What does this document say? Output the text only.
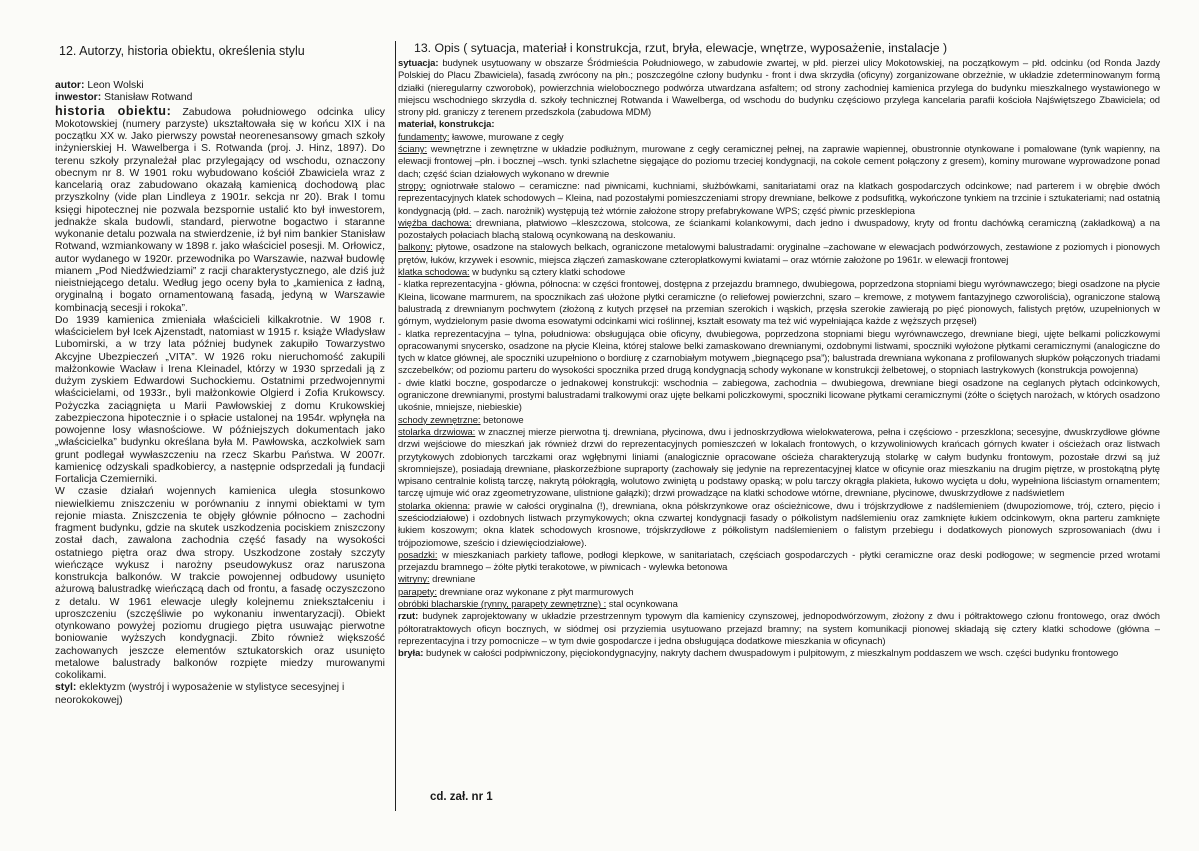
12. Autorzy, historia obiektu, określenia stylu

autor: Leon Wolski

inwestor: Stanisław Rotwand

historia obiektu: Zabudowa południowego odcinka ulicy Mokotowskiej (numery parzyste) ukształtowała się w końcu XIX i na początku XX w. Jako pierwszy powstał neorenesansowy gmach szkoły inżynierskiej H. Wawelberga i S. Rotwanda (proj. J. Hinz, 1897). Do terenu szkoły przynależał plac przylegający od wschodu, oznaczony obecnym nr 8. W 1901 roku wybudowano kościół Zbawiciela wraz z kancelarią oraz zabudowano okazałą kamienicą dochodową plac przyszkolny (vide plan Lindleya z 1901r. sekcja nr 20). Brak I tomu księgi hipotecznej nie pozwala bezspornie ustalić kto był inwestorem, jednakże skala budowli, standard, pierwotne bogactwo i staranne wykonanie detalu pozwala na stwierdzenie, iż był nim bankier Stanisław Rotwand, wzmiankowany w 1898 r. jako właściciel posesji. M. Orłowicz, autor wydanego w 1920r. przewodnika po Warszawie, nazwał budowlę mianem „Pod Niedźwiedziami” z racji charakterystycznego, ale dziś już nieistniejącego detalu. Według jego oceny była to „kamienica z ładną, oryginalną i bogato ornamentowaną fasadą, jedyną w Warszawie kombinacją secesji i rokoka”.

Do 1939 kamienica zmieniała właścicieli kilkakrotnie. W 1908 r. właścicielem był Icek Ajzenstadt, natomiast w 1915 r. książe Władysław Lubomirski, a w trzy lata później budynek zakupiło Towarzystwo Akcyjne Ubezpieczeń „VITA”. W 1926 roku nieruchomość zakupili małżonkowie Wacław i Irena Kleinadel, którzy w 1930 sprzedali ją z dużym zyskiem Edwardowi Suchockiemu. Ostatnimi przedwojennymi właścicielami, od 1933r., byli małżonkowie Olgierd i Zofia Krukowscy. Pożyczka zaciągnięta u Marii Pawłowskiej z domu Krukowskiej zabezpieczona hipotecznie i o spłacie ustalonej na 1954r. wpłynęła na powojenne losy własnościowe. W późniejszych dokumentach jako „właścicielka” budynku określana była M. Pawłowska, aczkolwiek sam grunt podlegał wywłaszczeniu na rzecz Skarbu Państwa. W 2007r. kamienicę odzyskali spadkobiercy, a następnie odsprzedali ją fundacji Fortalicja Czemierniki.

W czasie działań wojennych kamienica uległa stosunkowo niewielkiemu zniszczeniu w porównaniu z innymi obiektami w tym rejonie miasta. Zniszczenia te objęły głównie północno – zachodni fragment budynku, gdzie na skutek uszkodzenia pociskiem zniszczony został dach, zawalona zachodnia część fasady na wysokości ostatniego piętra oraz dwa stropy. Uszkodzone zostały szczyty wieńczące wykusz i narożny pseudowykusz oraz naruszona konstrukcja balkonów. W trakcie powojennej odbudowy usunięto ażurową balustradkę wieńczącą dach od frontu, a fasadę oczyszczono z detalu. W 1961 elewacje uległy kolejnemu zniekształceniu i uproszczeniu (szczęśliwie po wykonaniu inwentaryzacji). Obiekt otynkowano powyżej poziomu drugiego piętra usuwając pierwotne boniowanie wyższych kondygnacji. Zbito również większość zachowanych jeszcze elementów sztukatorskich oraz usunięto metalowe balustrady balkonów rozpięte miedzy murowanymi cokolikami.

styl: eklektyzm (wystrój i wyposażenie w stylistyce secesyjnej i neorokokowej)

13. Opis ( sytuacja, materiał i konstrukcja, rzut, bryła, elewacje, wnętrze, wyposażenie, instalacje )

sytuacja: budynek usytuowany w obszarze Śródmieścia Południowego, w zabudowie zwartej, w płd. pierzei ulicy Mokotowskiej, na początkowym – płd. odcinku (od Ronda Jazdy Polskiej do Placu Zbawiciela), fasadą zwrócony na płn.; poszczególne człony budynku - front i dwa skrzydła (oficyny) zorganizowane obrzeżnie, w układzie zdeterminowanym formą działki (nieregularny czworobok), powierzchnia wielobocznego podwórza utwardzana asfaltem; od strony zachodniej kamienica przylega do budynku mieszkalnego wystawionego w miejscu wschodniego skrzydła d. szkoły technicznej Rotwanda i Wawelberga, od wschodu do budynku częściowo przylega kancelaria parafii kościoła Najświętszego Zbawiciela; od strony płd. graniczy z terenem przedszkola (zabudowa MDM)

materiał, konstrukcja:

fundamenty: ławowe, murowane z cegły

ściany: wewnętrzne i zewnętrzne w układzie podłużnym, murowane z cegły ceramicznej pełnej, na zaprawie wapiennej, obustronnie otynkowane i pomalowane (tynk wapienny, na elewacji frontowej –płn. i bocznej –wsch. tynki szlachetne sięgające do poziomu trzeciej kondygnacji, na cokole cement połączony z gresem), kominy murowane wyprowadzone ponad dach; część ścian działowych wykonano w drewnie

stropy: ogniotrwałe stalowo – ceramiczne: nad piwnicami, kuchniami, służbówkami, sanitariatami oraz na klatkach gospodarczych odcinkowe; nad parterem i w obrębie dwóch reprezentacyjnych klatek schodowych – Kleina, nad pozostałymi pomieszczeniami stropy drewniane, belkowe z podsufitką, wykończone tynkiem na trzcinie i sztukateriami; nad ostatnią kondygnacją (płd. – zach. narożnik) występują też wtórnie założone stropy prefabrykowane WPS; część piwnic przesklepiona

więźba dachowa: drewniana, płatwiowo –kleszczowa, stolcowa, ze ściankami kolankowymi, dach jedno i dwuspadowy, kryty od frontu dachówką ceramiczną (zakładkową) a na pozostałych połaciach blachą stalową ocynkowaną na deskowaniu.

balkony: płytowe, osadzone na stalowych belkach, ograniczone metalowymi balustradami: oryginalne –zachowane w elewacjach podwórzowych, zestawione z poziomych i pionowych prętów, łuków, krzywek i esownic, miejsca złączeń zamaskowane czteropłatkowymi kwiatami – oraz wtórnie założone po 1961r. w elewacji frontowej

klatka schodowa: w budynku są cztery klatki schodowe

- klatka reprezentacyjna - główna, północna: w części frontowej, dostępna z przejazdu bramnego, dwubiegowa, poprzedzona stopniami biegu wyrównawczego; biegi osadzone na płycie Kleina, licowane marmurem, na spocznikach zaś ułożone płytki ceramiczne (o reliefowej powierzchni, szaro – kremowe, z motywem fantazyjnego czworoliścia), ograniczone stalową balustradą z drewnianym pochwytem (złożoną z kutych przęseł na przemian szerokich i wąskich, przęsła szerokie zawierają po pięć pionowych, falistych prętów, uzupełnionych w górnym, wydzielonym pasie dwoma esowatymi odcinkami wici roślinnej, kształt esowaty ma też wić wypełniająca każde z węższych przęseł)

- klatka reprezentacyjna – tylna, południowa: obsługująca obie oficyny, dwubiegowa, poprzedzona stopniami biegu wyrównawczego, drewniane biegi, ujęte belkami policzkowymi opracowanymi snycersko, osadzone na płycie Kleina, której stalowe belki zamaskowano drewnianymi, ozdobnymi listwami, spoczniki wyłożone płytkami ceramicznymi (analogiczne do tych w klatce głównej, ale spoczniki uzupełniono o bordiurę z czarnobiałym motywem „biegnącego psa”); balustrada drewniana wykonana z profilowanych słupków połączonych triadami szczebelków; od poziomu parteru do wysokości spocznika przed drugą kondygnacją schody wykonane w konstrukcji żelbetowej, o stopniach lastrykowych (konstrukcja powojenna)

- dwie klatki boczne, gospodarcze o jednakowej konstrukcji: wschodnia – zabiegowa, zachodnia – dwubiegowa, drewniane biegi osadzone na ceglanych płytach odcinkowych, ograniczone drewnianymi, prostymi balustradami tralkowymi oraz ujęte belkami policzkowymi, spoczniki licowane płytkami ceramicznymi (żółte o ściętych narożach, w których osadzono ukośnie, mniejsze, niebieskie)

schody zewnętrzne: betonowe

stolarka drzwiowa: w znacznej mierze pierwotna tj. drewniana, płycinowa, dwu i jednoskrzydłowa wielokwaterowa, pełna i częściowo - przeszklona; secesyjne, dwuskrzydłowe główne drzwi wejściowe do mieszkań jak również drzwi do reprezentacyjnych pomieszczeń w lokalach frontowych, o krzywoliniowych krańcach górnych kwater i ościeżach oraz listwach przytykowych zdobionych tarczkami oraz wgłębnymi liniami (analogicznie opracowane ościeża charakteryzują stolarkę w całym budynku frontowym, pozostałe drzwi są już skromniejsze), posiadają drewniane, płaskorzeźbione supraporty (zachowały się jedynie na reprezentacyjnej klatce w oficynie oraz mieszkaniu na drugim piętrze, w prostokątną płytę wpisano centralnie kolistą tarczę, nakrytą półokrągłą, wolutowo zwiniętą u podstawy opaską; w polu tarczy okrągła plakieta, łukowo wycięta u dołu, wypełniona liściastym ornamentem; tarczę ujmuje wić oraz zgeometryzowane, ulistnione gałązki); drzwi prowadzące na klatki schodowe wtórne, drewniane, płycinowe, dwuskrzydłowe z nadświetlem

stolarka okienna: prawie w całości oryginalna (!), drewniana, okna półskrzynkowe oraz ościeżnicowe, dwu i trójskrzydłowe z nadślemieniem (dwupoziomowe, trój, cztero, pięcio i sześciodziałowe) i ozdobnych listwach przymykowych; okna czwartej kondygnacji fasady o półkolistym nadślemieniu oraz zamknięte łukiem odcinkowym, okna parteru zamknięte łukiem koszowym; okna klatek schodowych krosnowe, trójskrzydłowe z półkolistym nadślemieniem o falistym przebiegu i dodatkowych pionowych szprosowaniach (dwu i trójpoziomowe, sześcio i dziewięciodziałowe).

posadzki: w mieszkaniach parkiety taflowe, podłogi klepkowe, w sanitariatach, częściach gospodarczych - płytki ceramiczne oraz deski podłogowe; w segmencie przed wrotami przejazdu bramnego – żółte płytki terakotowe, w piwnicach - wylewka betonowa

witryny: drewniane

parapety: drewniane oraz wykonane z płyt marmurowych

obróbki blacharskie (rynny, parapety zewnętrzne) : stal ocynkowana

rzut: budynek zaprojektowany w układzie przestrzennym typowym dla kamienicy czynszowej, jednopodwórzowym, złożony z dwu i półtraktowego członu frontowego, oraz dwóch półtoratraktowych oficyn bocznych, w siódmej osi przyziemia usytuowano przejazd bramny; na system komunikacji pionowej składają się cztery klatki schodowe (główna – reprezentacyjna i trzy pomocnicze – w tym dwie gospodarcze i jedna obsługująca dodatkowe mieszkania w oficynach)

bryła: budynek w całości podpiwniczony, pięciokondygnacyjny, nakryty dachem dwuspadowym i pulpitowym, z mieszkalnym poddaszem we wsch. części budynku frontowego

cd. zał. nr 1
